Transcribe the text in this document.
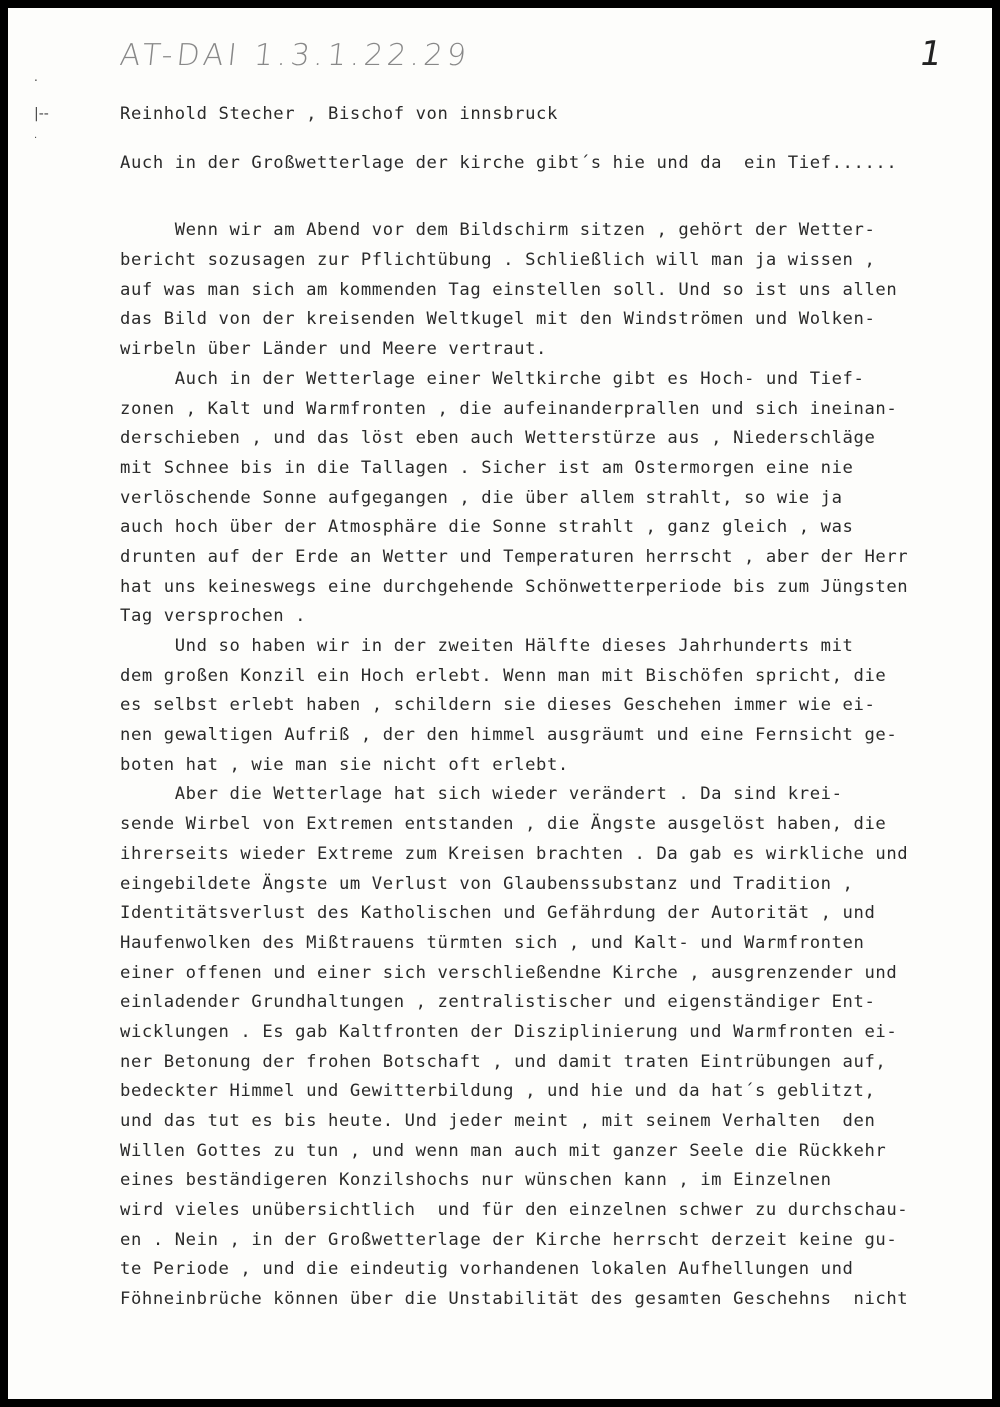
AT-DAI 1.3.1.22.29	1
.
|--
.
Reinhold Stecher , Bischof von innsbruck
Auch in der Großwetterlage der kirche gibt´s hie und da  ein Tief......
Wenn wir am Abend vor dem Bildschirm sitzen , gehört der Wetter-
bericht sozusagen zur Pflichtübung . Schließlich will man ja wissen ,
auf was man sich am kommenden Tag einstellen soll. Und so ist uns allen
das Bild von der kreisenden Weltkugel mit den Windströmen und Wolken-
wirbeln über Länder und Meere vertraut.
Auch in der Wetterlage einer Weltkirche gibt es Hoch- und Tief-
zonen , Kalt und Warmfronten , die aufeinanderprallen und sich ineinan-
derschieben , und das löst eben auch Wetterstürze aus , Niederschläge
mit Schnee bis in die Tallagen . Sicher ist am Ostermorgen eine nie
verlöschende Sonne aufgegangen , die über allem strahlt, so wie ja
auch hoch über der Atmosphäre die Sonne strahlt , ganz gleich , was
drunten auf der Erde an Wetter und Temperaturen herrscht , aber der Herr
hat uns keineswegs eine durchgehende Schönwetterperiode bis zum Jüngsten
Tag versprochen .
Und so haben wir in der zweiten Hälfte dieses Jahrhunderts mit
dem großen Konzil ein Hoch erlebt. Wenn man mit Bischöfen spricht, die
es selbst erlebt haben , schildern sie dieses Geschehen immer wie ei-
nen gewaltigen Aufriß , der den himmel ausgräumt und eine Fernsicht ge-
boten hat , wie man sie nicht oft erlebt.
Aber die Wetterlage hat sich wieder verändert . Da sind krei-
sende Wirbel von Extremen entstanden , die Ängste ausgelöst haben, die
ihrerseits wieder Extreme zum Kreisen brachten . Da gab es wirkliche und
eingebildete Ängste um Verlust von Glaubenssubstanz und Tradition ,
Identitätsverlust des Katholischen und Gefährdung der Autorität , und
Haufenwolken des Mißtrauens türmten sich , und Kalt- und Warmfronten
einer offenen und einer sich verschließendne Kirche , ausgrenzender und
einladender Grundhaltungen , zentralistischer und eigenständiger Ent-
wicklungen . Es gab Kaltfronten der Disziplinierung und Warmfronten ei-
ner Betonung der frohen Botschaft , und damit traten Eintrübungen auf,
bedeckter Himmel und Gewitterbildung , und hie und da hat´s geblitzt,
und das tut es bis heute. Und jeder meint , mit seinem Verhalten  den
Willen Gottes zu tun , und wenn man auch mit ganzer Seele die Rückkehr
eines beständigeren Konzilshochs nur wünschen kann , im Einzelnen
wird vieles unübersichtlich  und für den einzelnen schwer zu durchschau-
en . Nein , in der Großwetterlage der Kirche herrscht derzeit keine gu-
te Periode , und die eindeutig vorhandenen lokalen Aufhellungen und
Föhneinbrüche können über die Unstabilität des gesamten Geschehns  nicht
